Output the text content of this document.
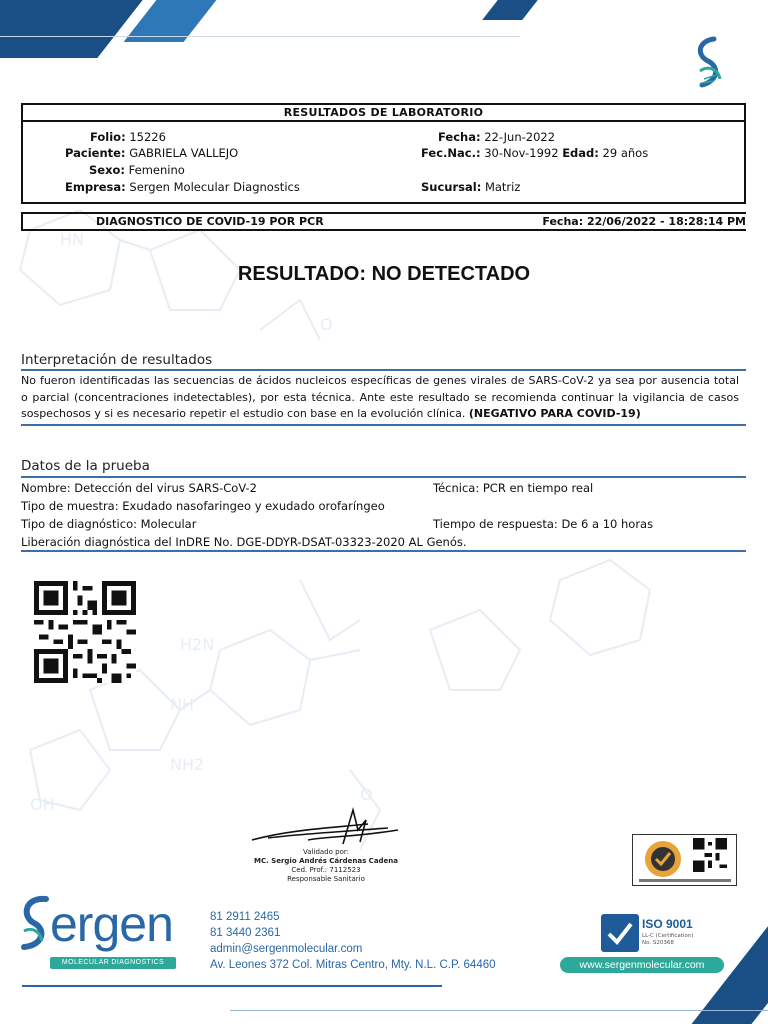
HN
O
H2N
NH
NH2
O
OH
RESULTADOS DE LABORATORIO
Folio: 15226
Paciente: GABRIELA VALLEJO
Sexo: Femenino
Empresa: Sergen Molecular Diagnostics
Fecha: 22-Jun-2022
Fec.Nac.: 30-Nov-1992 Edad: 29 años
Sucursal: Matriz
DIAGNOSTICO DE COVID-19 POR PCR	Fecha: 22/06/2022 - 18:28:14 PM
RESULTADO: NO DETECTADO
Interpretación de resultados
No fueron identificadas las secuencias de ácidos nucleicos específicas de genes virales de SARS-CoV-2 ya sea por ausencia total o parcial (concentraciones indetectables), por esta técnica. Ante este resultado se recomienda continuar la vigilancia de casos sospechosos y si es necesario repetir el estudio con base en la evolución clínica. (NEGATIVO PARA COVID-19)
Datos de la prueba
Nombre: Detección del virus SARS-CoV-2	Técnica: PCR en tiempo real
Tipo de muestra: Exudado nasofaringeo y exudado orofaríngeo
Tipo de diagnóstico: Molecular	Tiempo de respuesta: De 6 a 10 horas
Liberación diagnóstica del InDRE No. DGE-DDYR-DSAT-03323-2020 AL Genós.
Validado por:
MC. Sergio Andrés Cárdenas Cadena
Ced. Prof.: 7112523
Responsable Sanitario
ergen
MOLECULAR DIAGNOSTICS
81 2911 2465
81 3440 2361
admin@sergenmolecular.com
Av. Leones 372 Col. Mitras Centro, Mty. N.L. C.P. 64460
ISO 9001
LL-C (Certification)
No. S20368
www.sergenmolecular.com
